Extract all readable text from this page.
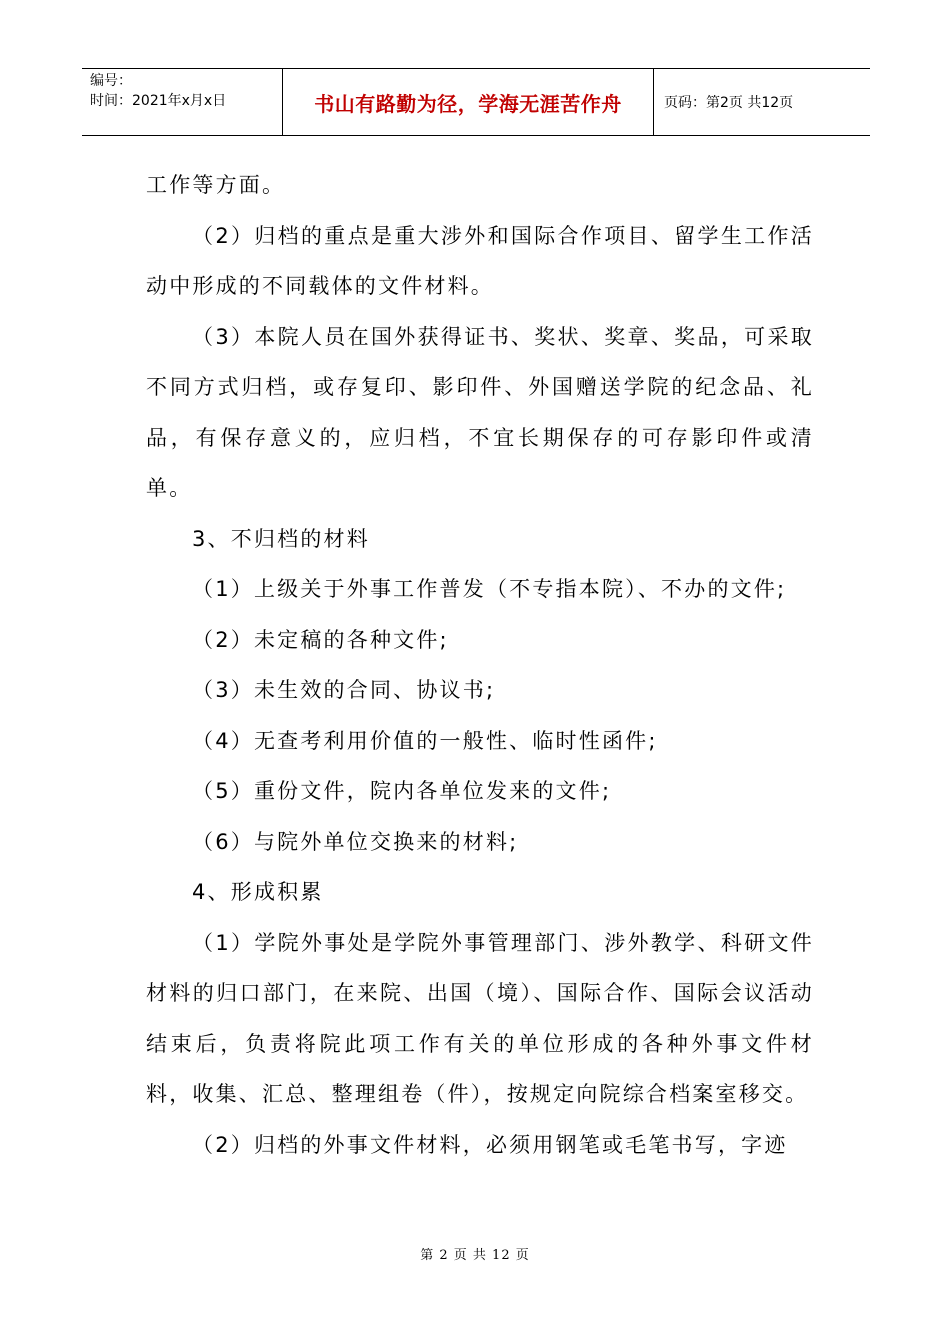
编号：
时间：2021年x月x日	书山有路勤为径，学海无涯苦作舟	页码：第2页 共12页

工作等方面。

（2）归档的重点是重大涉外和国际合作项目、留学生工作活动中形成的不同载体的文件材料。

（3）本院人员在国外获得证书、奖状、奖章、奖品，可采取不同方式归档，或存复印、影印件、外国赠送学院的纪念品、礼品，有保存意义的，应归档，不宜长期保存的可存影印件或清单。

3、不归档的材料

（1）上级关于外事工作普发（不专指本院）、不办的文件;

（2）未定稿的各种文件;

（3）未生效的合同、协议书;

（4）无查考利用价值的一般性、临时性函件;

（5）重份文件，院内各单位发来的文件;

（6）与院外单位交换来的材料;

4、形成积累

（1）学院外事处是学院外事管理部门、涉外教学、科研文件材料的归口部门，在来院、出国（境）、国际合作、国际会议活动结束后，负责将院此项工作有关的单位形成的各种外事文件材料，收集、汇总、整理组卷（件），按规定向院综合档案室移交。

（2）归档的外事文件材料，必须用钢笔或毛笔书写，字迹

第 2 页 共 12 页
